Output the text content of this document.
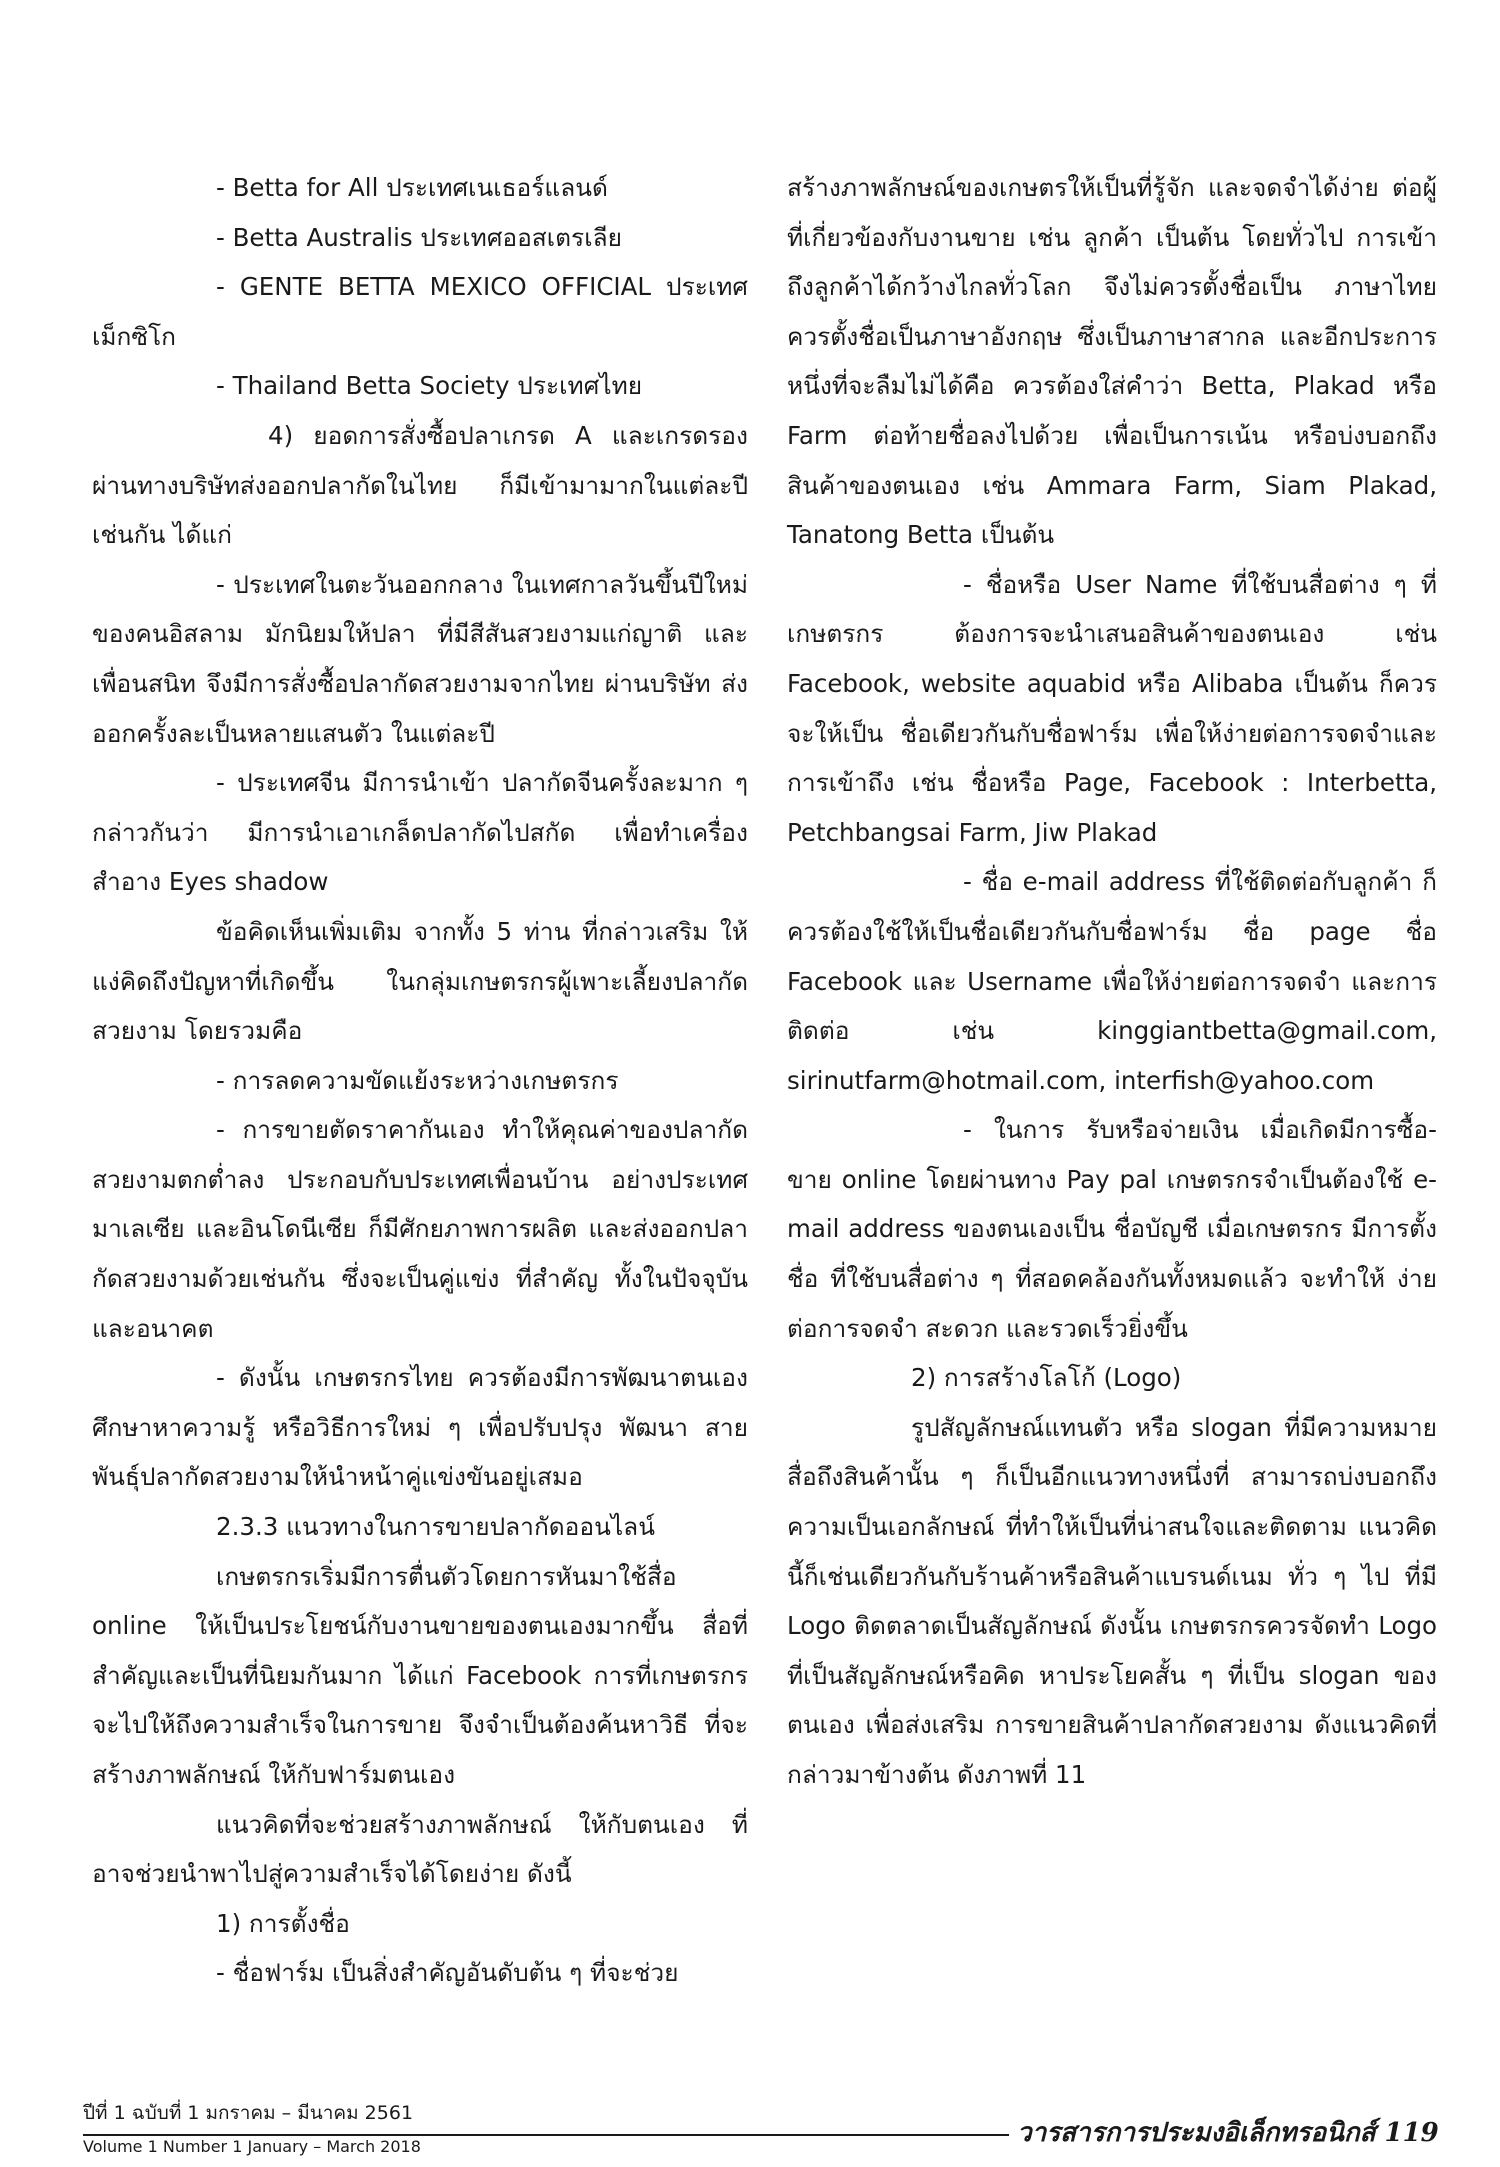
- Betta for All ประเทศเนเธอร์แลนด์

- Betta Australis ประเทศออสเตรเลีย

- GENTE BETTA MEXICO OFFICIAL ประเทศเม็กซิโก

- Thailand Betta Society ประเทศไทย

4) ยอดการสั่งซื้อปลาเกรด A และเกรดรอง ผ่านทางบริษัทส่งออกปลากัดในไทย ก็มีเข้ามามากในแต่ละปี เช่นกัน ได้แก่

- ประเทศในตะวันออกกลาง ในเทศกาลวันขึ้นปีใหม่ของคนอิสลาม มักนิยมให้ปลา ที่มีสีสันสวยงามแก่ญาติ และเพื่อนสนิท จึงมีการสั่งซื้อปลากัดสวยงามจากไทย ผ่านบริษัท ส่งออกครั้งละเป็นหลายแสนตัว ในแต่ละปี

- ประเทศจีน มีการนำเข้า ปลากัดจีนครั้งละมาก ๆ กล่าวกันว่า มีการนำเอาเกล็ดปลากัดไปสกัด เพื่อทำเครื่องสำอาง Eyes shadow

ข้อคิดเห็นเพิ่มเติม จากทั้ง 5 ท่าน ที่กล่าวเสริม ให้แง่คิดถึงปัญหาที่เกิดขึ้น ในกลุ่มเกษตรกรผู้เพาะเลี้ยงปลากัดสวยงาม โดยรวมคือ

- การลดความขัดแย้งระหว่างเกษตรกร

- การขายตัดราคากันเอง ทำให้คุณค่าของปลากัดสวยงามตกต่ำลง ประกอบกับประเทศเพื่อนบ้าน อย่างประเทศมาเลเซีย และอินโดนีเซีย ก็มีศักยภาพการผลิต และส่งออกปลากัดสวยงามด้วยเช่นกัน ซึ่งจะเป็นคู่แข่ง ที่สำคัญ ทั้งในปัจจุบัน และอนาคต

- ดังนั้น เกษตรกรไทย ควรต้องมีการพัฒนาตนเอง ศึกษาหาความรู้ หรือวิธีการใหม่ ๆ เพื่อปรับปรุง พัฒนา สายพันธุ์ปลากัดสวยงามให้นำหน้าคู่แข่งขันอยู่เสมอ

2.3.3 แนวทางในการขายปลากัดออนไลน์

เกษตรกรเริ่มมีการตื่นตัวโดยการหันมาใช้สื่อ online ให้เป็นประโยชน์กับงานขายของตนเองมากขึ้น สื่อที่สำคัญและเป็นที่นิยมกันมาก ได้แก่ Facebook การที่เกษตรกร จะไปให้ถึงความสำเร็จในการขาย จึงจำเป็นต้องค้นหาวิธี ที่จะสร้างภาพลักษณ์ ให้กับฟาร์มตนเอง

แนวคิดที่จะช่วยสร้างภาพลักษณ์ ให้กับตนเอง ที่อาจช่วยนำพาไปสู่ความสำเร็จได้โดยง่าย ดังนี้

1) การตั้งชื่อ

- ชื่อฟาร์ม เป็นสิ่งสำคัญอันดับต้น ๆ ที่จะช่วย

สร้างภาพลักษณ์ของเกษตรให้เป็นที่รู้จัก และจดจำได้ง่าย ต่อผู้ที่เกี่ยวข้องกับงานขาย เช่น ลูกค้า เป็นต้น โดยทั่วไป การเข้าถึงลูกค้าได้กว้างไกลทั่วโลก จึงไม่ควรตั้งชื่อเป็น ภาษาไทย ควรตั้งชื่อเป็นภาษาอังกฤษ ซึ่งเป็นภาษาสากล และอีกประการหนึ่งที่จะลืมไม่ได้คือ ควรต้องใส่คำว่า Betta, Plakad หรือ Farm ต่อท้ายชื่อลงไปด้วย เพื่อเป็นการเน้น หรือบ่งบอกถึงสินค้าของตนเอง เช่น Ammara Farm, Siam Plakad, Tanatong Betta เป็นต้น

- ชื่อหรือ User Name ที่ใช้บนสื่อต่าง ๆ ที่เกษตรกร ต้องการจะนำเสนอสินค้าของตนเอง เช่น Facebook, website aquabid หรือ Alibaba เป็นต้น ก็ควรจะให้เป็น ชื่อเดียวกันกับชื่อฟาร์ม เพื่อให้ง่ายต่อการจดจำและ การเข้าถึง เช่น ชื่อหรือ Page, Facebook : Interbetta, Petchbangsai Farm, Jiw Plakad

- ชื่อ e-mail address ที่ใช้ติดต่อกับลูกค้า ก็ควรต้องใช้ให้เป็นชื่อเดียวกันกับชื่อฟาร์ม ชื่อ page ชื่อ Facebook และ Username เพื่อให้ง่ายต่อการจดจำ และการติดต่อ เช่น kinggiantbetta@gmail.com, sirinutfarm@hotmail.com, interfish@yahoo.com

- ในการ รับหรือจ่ายเงิน เมื่อเกิดมีการซื้อ-ขาย online โดยผ่านทาง Pay pal เกษตรกรจำเป็นต้องใช้ e-mail address ของตนเองเป็น ชื่อบัญชี เมื่อเกษตรกร มีการตั้งชื่อ ที่ใช้บนสื่อต่าง ๆ ที่สอดคล้องกันทั้งหมดแล้ว จะทำให้ ง่ายต่อการจดจำ สะดวก และรวดเร็วยิ่งขึ้น

2) การสร้างโลโก้ (Logo)

รูปสัญลักษณ์แทนตัว หรือ slogan ที่มีความหมาย สื่อถึงสินค้านั้น ๆ ก็เป็นอีกแนวทางหนึ่งที่ สามารถบ่งบอกถึง ความเป็นเอกลักษณ์ ที่ทำให้เป็นที่น่าสนใจและติดตาม แนวคิดนี้ก็เช่นเดียวกันกับร้านค้าหรือสินค้าแบรนด์เนม ทั่ว ๆ ไป ที่มี Logo ติดตลาดเป็นสัญลักษณ์ ดังนั้น เกษตรกรควรจัดทำ Logo ที่เป็นสัญลักษณ์หรือคิด หาประโยคสั้น ๆ ที่เป็น slogan ของตนเอง เพื่อส่งเสริม การขายสินค้าปลากัดสวยงาม ดังแนวคิดที่กล่าวมาข้างต้น ดังภาพที่ 11

ปีที่ 1 ฉบับที่ 1 มกราคม – มีนาคม 2561
Volume 1 Number 1 January – March 2018	วารสารการประมงอิเล็กทรอนิกส์ 119
